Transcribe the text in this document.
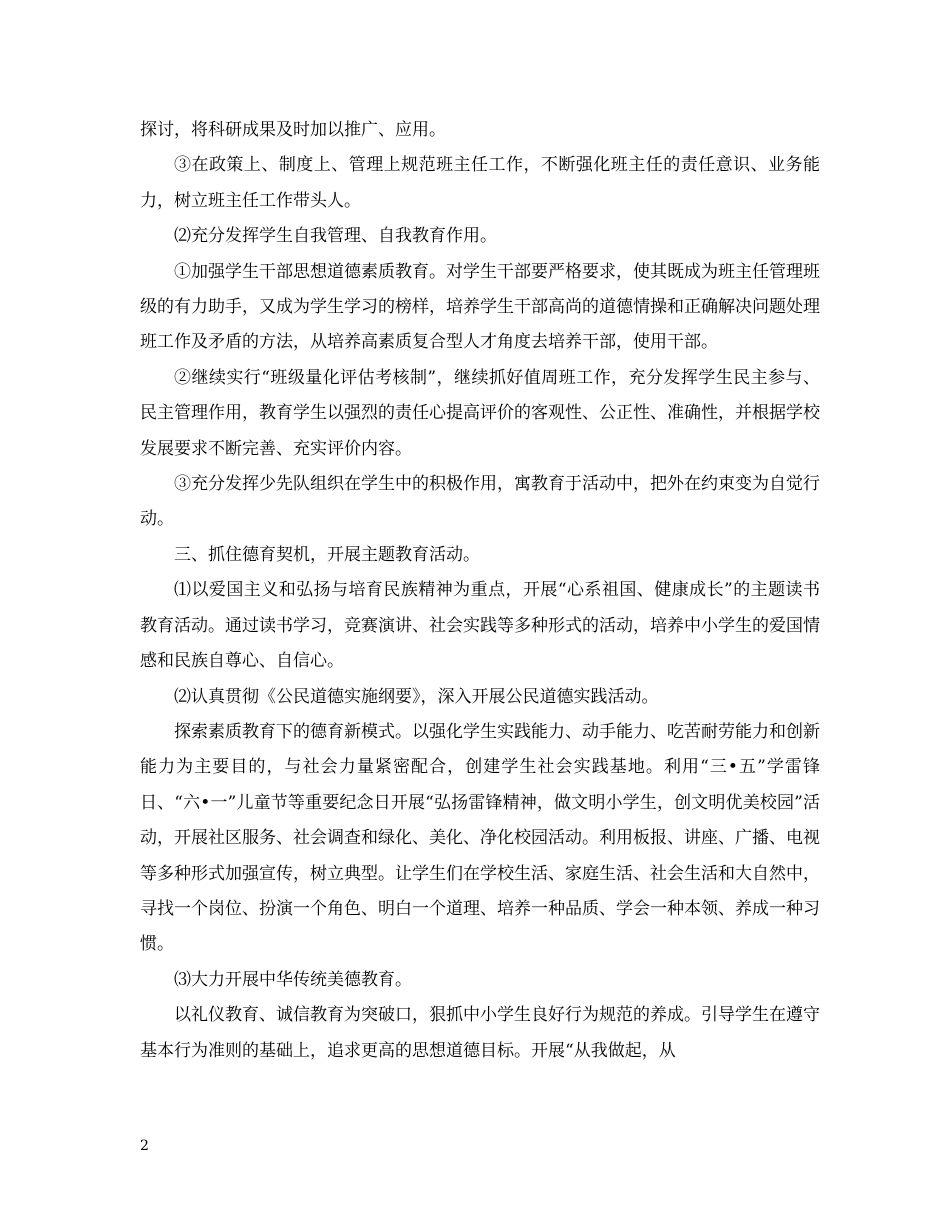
探讨，将科研成果及时加以推广、应用。

③在政策上、制度上、管理上规范班主任工作，不断强化班主任的责任意识、业务能力，树立班主任工作带头人。

⑵充分发挥学生自我管理、自我教育作用。

①加强学生干部思想道德素质教育。对学生干部要严格要求，使其既成为班主任管理班级的有力助手，又成为学生学习的榜样，培养学生干部高尚的道德情操和正确解决问题处理班工作及矛盾的方法，从培养高素质复合型人才角度去培养干部，使用干部。

②继续实行“班级量化评估考核制”，继续抓好值周班工作，充分发挥学生民主参与、民主管理作用，教育学生以强烈的责任心提高评价的客观性、公正性、准确性，并根据学校发展要求不断完善、充实评价内容。

③充分发挥少先队组织在学生中的积极作用，寓教育于活动中，把外在约束变为自觉行动。

三、抓住德育契机，开展主题教育活动。

⑴以爱国主义和弘扬与培育民族精神为重点，开展“心系祖国、健康成长”的主题读书教育活动。通过读书学习，竞赛演讲、社会实践等多种形式的活动，培养中小学生的爱国情感和民族自尊心、自信心。

⑵认真贯彻《公民道德实施纲要》，深入开展公民道德实践活动。

探索素质教育下的德育新模式。以强化学生实践能力、动手能力、吃苦耐劳能力和创新能力为主要目的，与社会力量紧密配合，创建学生社会实践基地。利用“三•五”学雷锋日、“六•一”儿童节等重要纪念日开展“弘扬雷锋精神，做文明小学生，创文明优美校园”活动，开展社区服务、社会调查和绿化、美化、净化校园活动。利用板报、讲座、广播、电视等多种形式加强宣传，树立典型。让学生们在学校生活、家庭生活、社会生活和大自然中，寻找一个岗位、扮演一个角色、明白一个道理、培养一种品质、学会一种本领、养成一种习惯。

⑶大力开展中华传统美德教育。

以礼仪教育、诚信教育为突破口，狠抓中小学生良好行为规范的养成。引导学生在遵守基本行为准则的基础上，追求更高的思想道德目标。开展“从我做起，从

2
